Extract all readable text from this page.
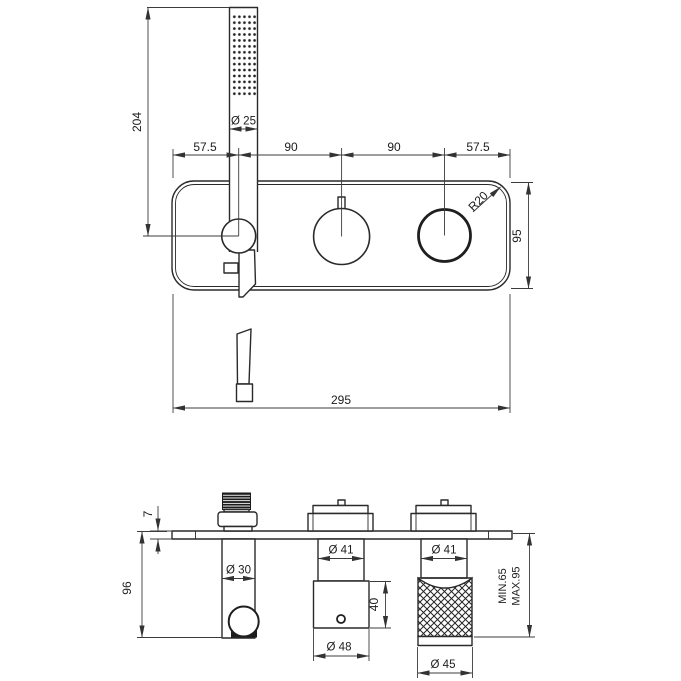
57.5	90	90	57.5
204	Ø 25
R20
95
295
7
96
Ø 30
Ø 41	Ø 41
40
Ø 48
Ø 45
MIN.65 MAX.95
